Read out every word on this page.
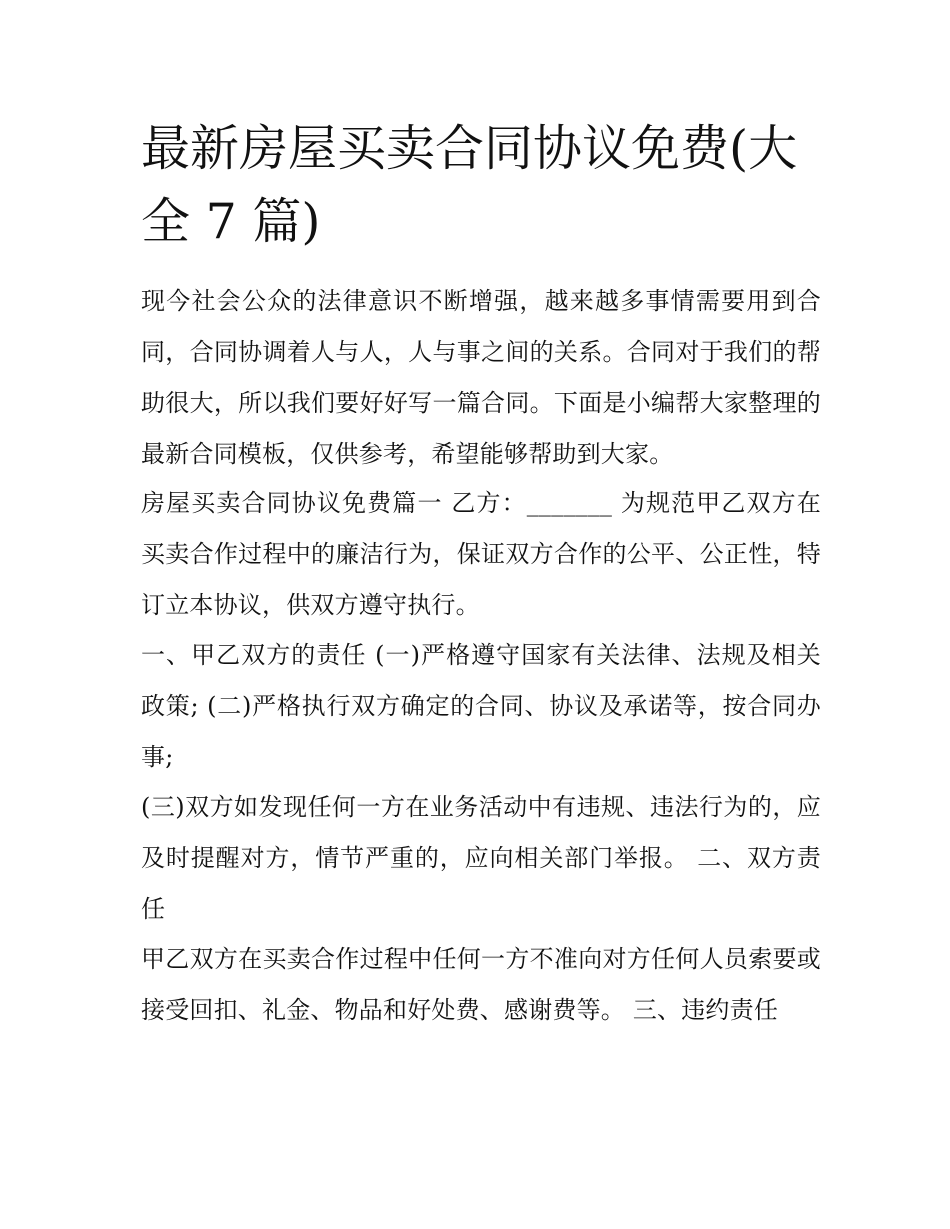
最新房屋买卖合同协议免费(大全 7 篇)

现今社会公众的法律意识不断增强，越来越多事情需要用到合同，合同协调着人与人，人与事之间的关系。合同对于我们的帮助很大，所以我们要好好写一篇合同。下面是小编帮大家整理的最新合同模板，仅供参考，希望能够帮助到大家。

房屋买卖合同协议免费篇一 乙方：_______ 为规范甲乙双方在买卖合作过程中的廉洁行为，保证双方合作的公平、公正性，特订立本协议，供双方遵守执行。

一、甲乙双方的责任 (一)严格遵守国家有关法律、法规及相关政策; (二)严格执行双方确定的合同、协议及承诺等，按合同办事;

(三)双方如发现任何一方在业务活动中有违规、违法行为的，应及时提醒对方，情节严重的，应向相关部门举报。 二、双方责任

甲乙双方在买卖合作过程中任何一方不准向对方任何人员索要或接受回扣、礼金、物品和好处费、感谢费等。 三、违约责任
